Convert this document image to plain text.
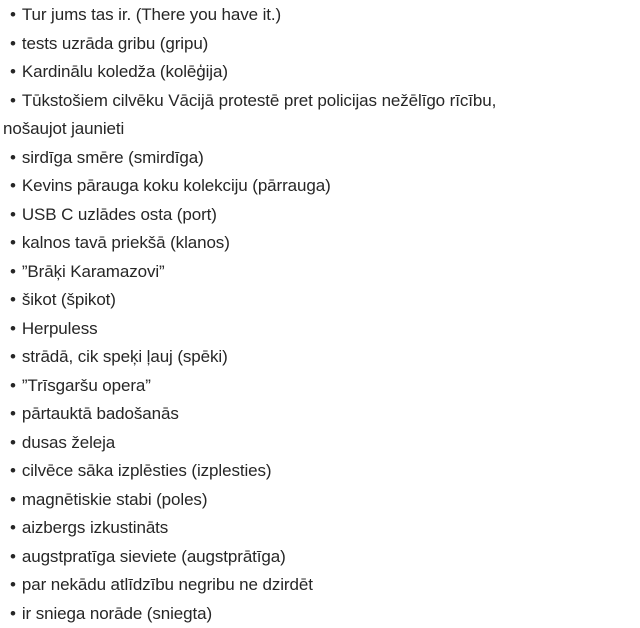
• Tur jums tas ir. (There you have it.)

• tests uzrāda gribu (gripu)

• Kardinālu koledža (kolēģija)

• Tūkstošiem cilvēku Vācijā protestē pret policijas nežēlīgo rīcību,
nošaujot jaunieti

• sirdīga smēre (smirdīga)

• Kevins pārauga koku kolekciju (pārrauga)

• USB C uzlādes osta (port)

• kalnos tavā priekšā (klanos)

• ”Brāķi Karamazovi”

• šikot (špikot)

• Herpuless

• strādā, cik speķi ļauj (spēki)

• ”Trīsgaršu opera”

• pārtauktā badošanās

• dusas želeja

• cilvēce sāka izplēsties (izplesties)

• magnētiskie stabi (poles)

• aizbergs izkustināts

• augstpratīga sieviete (augstprātīga)

• par nekādu atlīdzību negribu ne dzirdēt

• ir sniega norāde (sniegta)
